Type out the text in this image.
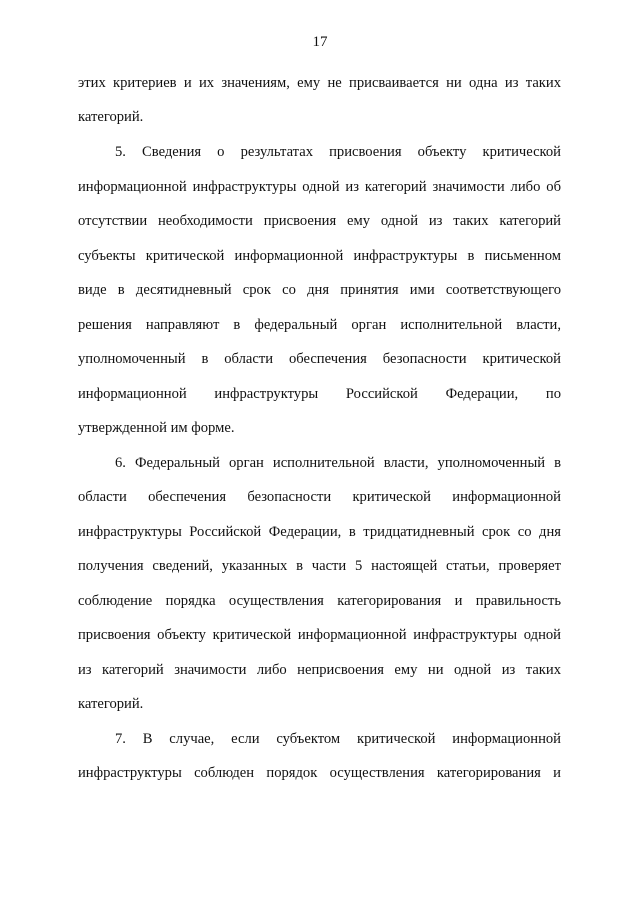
17
этих критериев и их значениям, ему не присваивается ни одна из таких
категорий.
5. Сведения о результатах присвоения объекту критической
информационной инфраструктуры одной из категорий значимости либо об
отсутствии необходимости присвоения ему одной из таких категорий
субъекты критической информационной инфраструктуры в письменном
виде в десятидневный срок со дня принятия ими соответствующего
решения направляют в федеральный орган исполнительной власти,
уполномоченный в области обеспечения безопасности критической
информационной инфраструктуры Российской Федерации, по
утвержденной им форме.
6. Федеральный орган исполнительной власти, уполномоченный в
области обеспечения безопасности критической информационной
инфраструктуры Российской Федерации, в тридцатидневный срок со дня
получения сведений, указанных в части 5 настоящей статьи, проверяет
соблюдение порядка осуществления категорирования и правильность
присвоения объекту критической информационной инфраструктуры одной
из категорий значимости либо неприсвоения ему ни одной из таких
категорий.
7. В случае, если субъектом критической информационной
инфраструктуры соблюден порядок осуществления категорирования и
